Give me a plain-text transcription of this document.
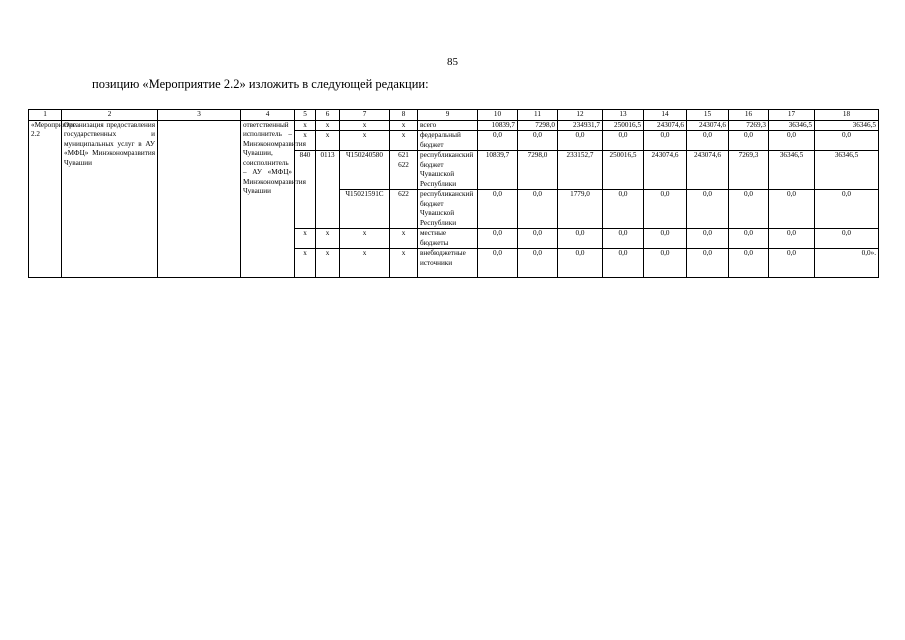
85
позицию «Мероприятие 2.2» изложить в следующей редакции:
1	2	3	4	5	6	7	8	9	10	11	12	13	14	15	16	17	18
«Мероприятие 2.2	Организация предоставления государственных и муниципальных услуг в АУ «МФЦ» Минэкономразвития Чувашии		ответственный исполнитель – Минэкономразвития Чувашии, соисполнитель – АУ «МФЦ» Минэкономразвития Чувашии	х	х	х	х	всего	10839,7	7298,0	234931,7	250016,5	243074,6	243074,6	7269,3	36346,5	36346,5
				х	х	х	х	федеральный бюджет	0,0	0,0	0,0	0,0	0,0	0,0	0,0	0,0	0,0
				840	0113	Ч150240580	621 622	республиканский бюджет Чувашской Республики	10839,7	7298,0	233152,7	250016,5	243074,6	243074,6	7269,3	36346,5	36346,5
						Ч15021591С	622	республиканский бюджет Чувашской Республики	0,0	0,0	1779,0	0,0	0,0	0,0	0,0	0,0	0,0
				х	х	х	х	местные бюджеты	0,0	0,0	0,0	0,0	0,0	0,0	0,0	0,0	0,0
				х	х	х	х	внебюджетные источники	0,0	0,0	0,0	0,0	0,0	0,0	0,0	0,0	0,0».
